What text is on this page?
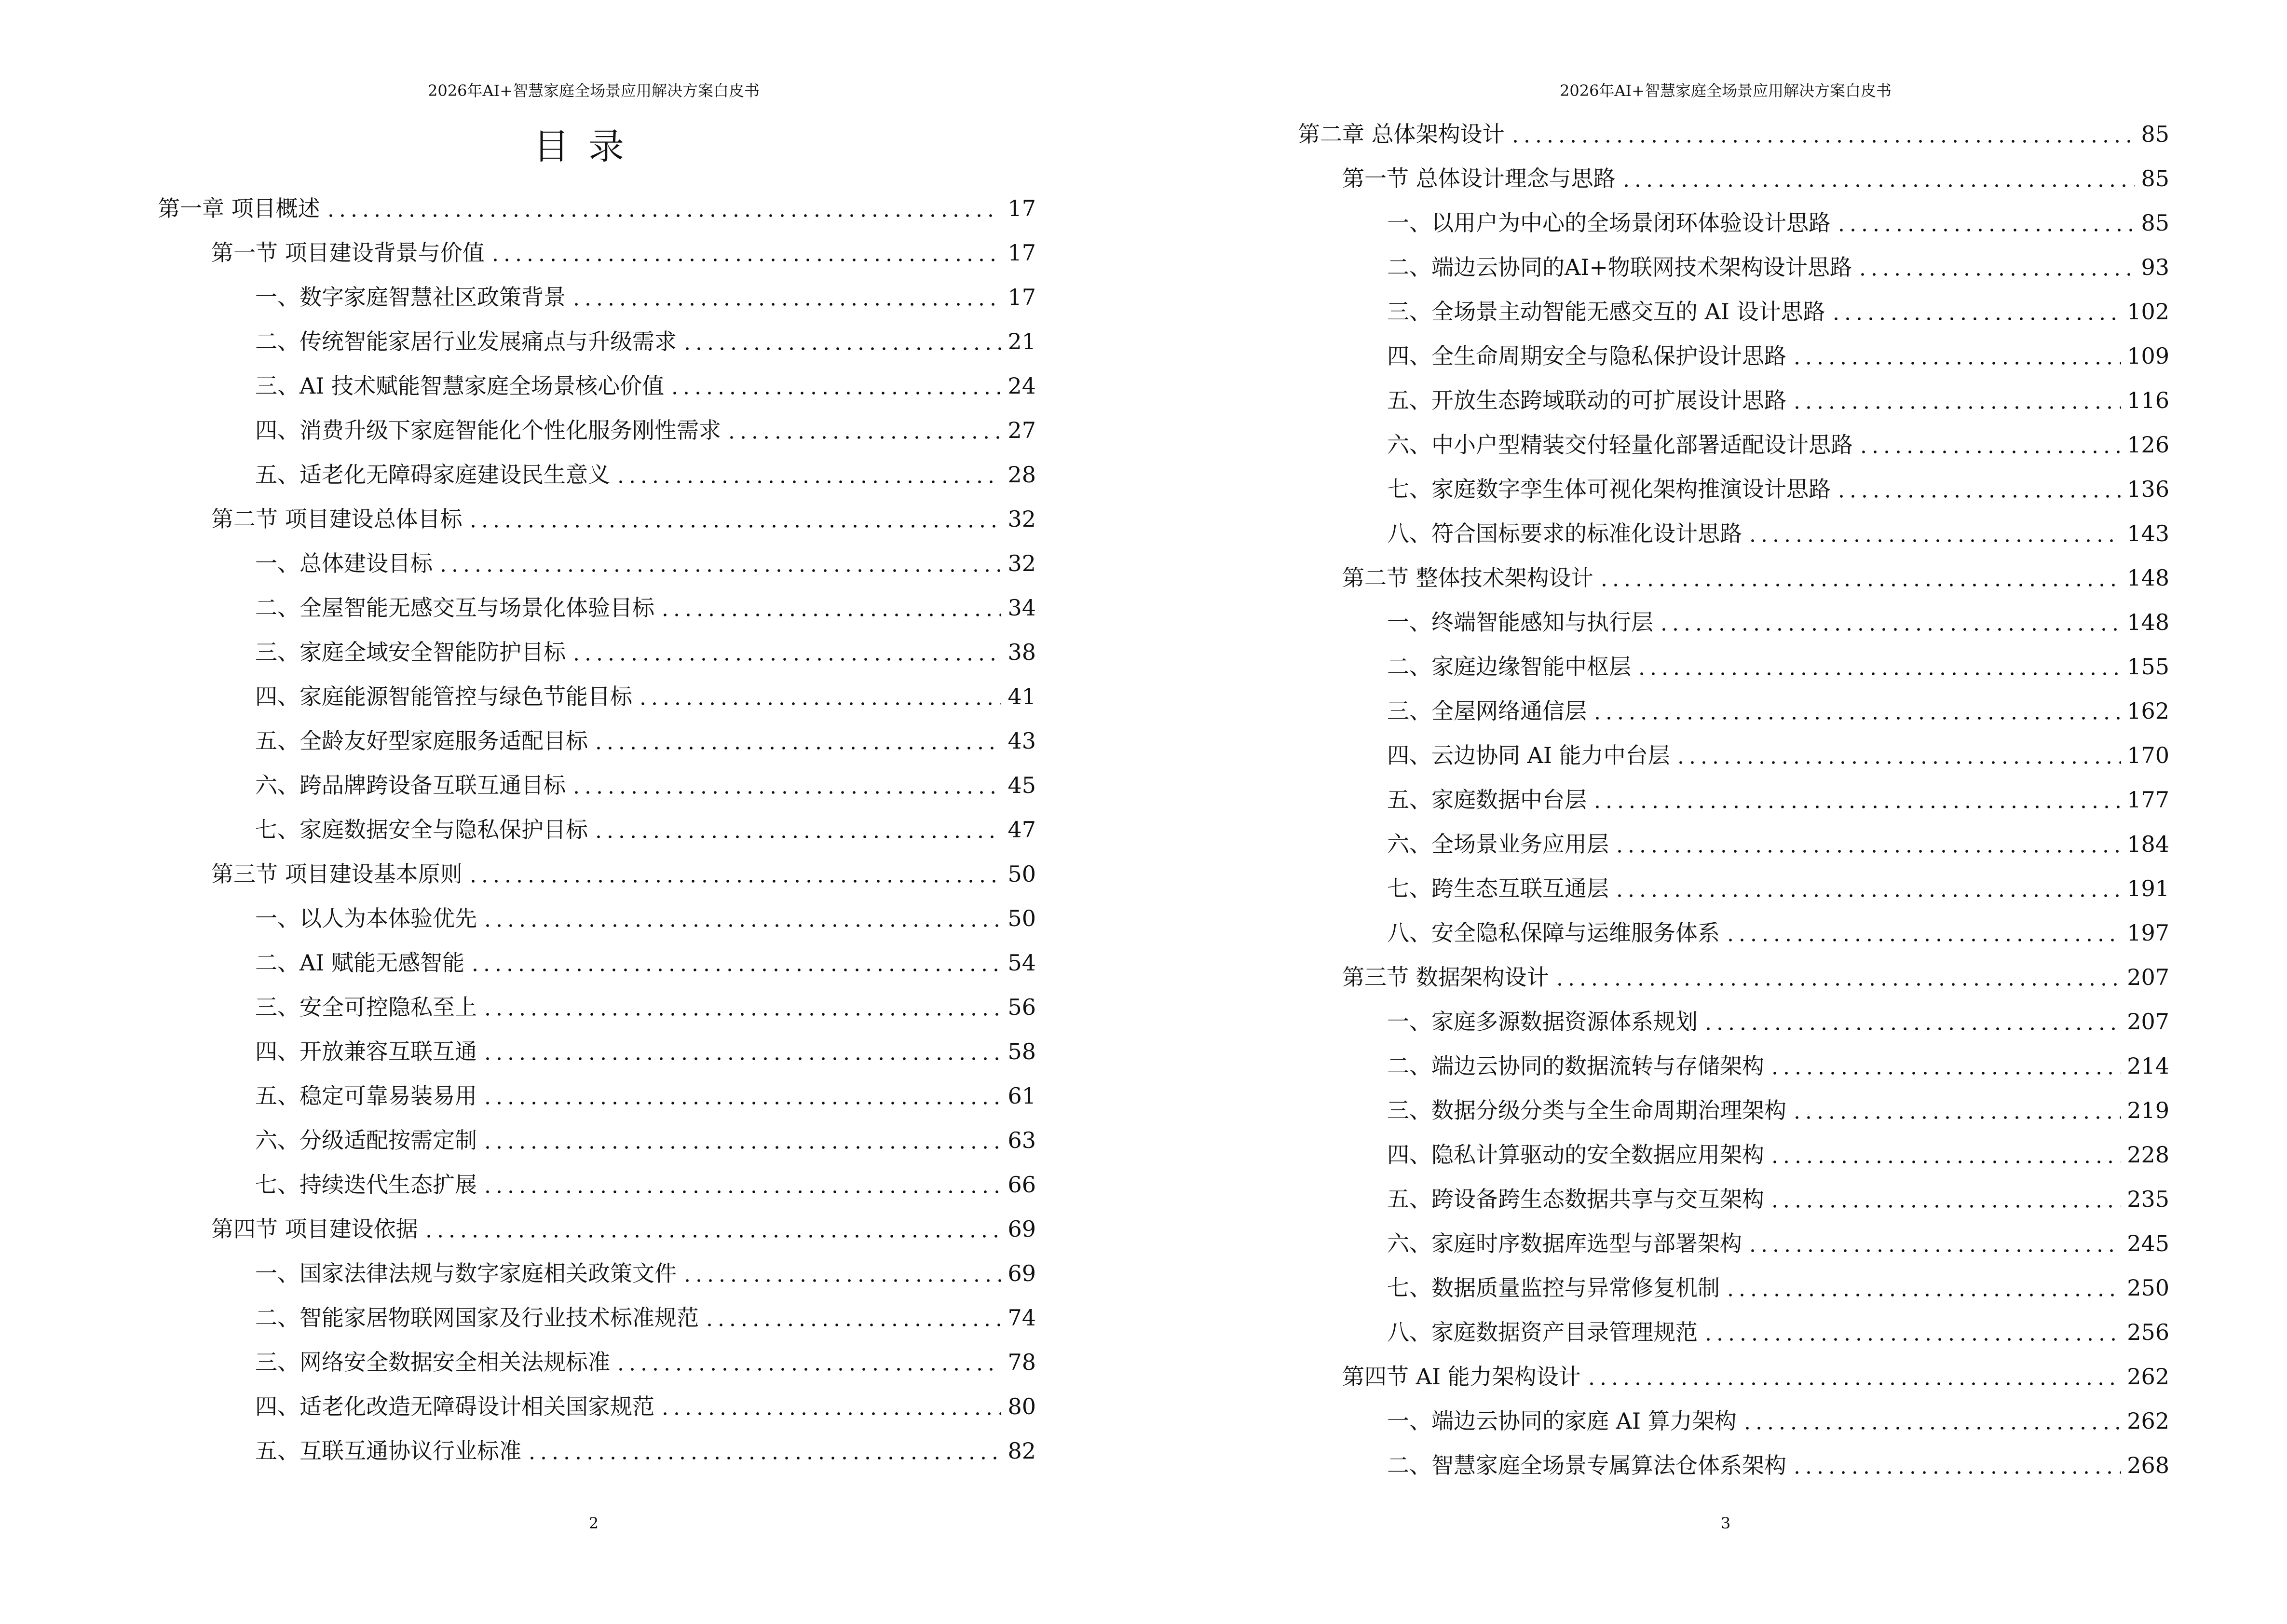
2026年AI+智慧家庭全场景应用解决方案白皮书
目录
第一章 项目概述	17
第一节 项目建设背景与价值	17
一、数字家庭智慧社区政策背景	17
二、传统智能家居行业发展痛点与升级需求	21
三、AI 技术赋能智慧家庭全场景核心价值	24
四、消费升级下家庭智能化个性化服务刚性需求	27
五、适老化无障碍家庭建设民生意义	28
第二节 项目建设总体目标	32
一、总体建设目标	32
二、全屋智能无感交互与场景化体验目标	34
三、家庭全域安全智能防护目标	38
四、家庭能源智能管控与绿色节能目标	41
五、全龄友好型家庭服务适配目标	43
六、跨品牌跨设备互联互通目标	45
七、家庭数据安全与隐私保护目标	47
第三节 项目建设基本原则	50
一、以人为本体验优先	50
二、AI 赋能无感智能	54
三、安全可控隐私至上	56
四、开放兼容互联互通	58
五、稳定可靠易装易用	61
六、分级适配按需定制	63
七、持续迭代生态扩展	66
第四节 项目建设依据	69
一、国家法律法规与数字家庭相关政策文件	69
二、智能家居物联网国家及行业技术标准规范	74
三、网络安全数据安全相关法规标准	78
四、适老化改造无障碍设计相关国家规范	80
五、互联互通协议行业标准	82
2
2026年AI+智慧家庭全场景应用解决方案白皮书
第二章 总体架构设计	85
第一节 总体设计理念与思路	85
一、以用户为中心的全场景闭环体验设计思路	85
二、端边云协同的AI+物联网技术架构设计思路	93
三、全场景主动智能无感交互的 AI 设计思路	102
四、全生命周期安全与隐私保护设计思路	109
五、开放生态跨域联动的可扩展设计思路	116
六、中小户型精装交付轻量化部署适配设计思路	126
七、家庭数字孪生体可视化架构推演设计思路	136
八、符合国标要求的标准化设计思路	143
第二节 整体技术架构设计	148
一、终端智能感知与执行层	148
二、家庭边缘智能中枢层	155
三、全屋网络通信层	162
四、云边协同 AI 能力中台层	170
五、家庭数据中台层	177
六、全场景业务应用层	184
七、跨生态互联互通层	191
八、安全隐私保障与运维服务体系	197
第三节 数据架构设计	207
一、家庭多源数据资源体系规划	207
二、端边云协同的数据流转与存储架构	214
三、数据分级分类与全生命周期治理架构	219
四、隐私计算驱动的安全数据应用架构	228
五、跨设备跨生态数据共享与交互架构	235
六、家庭时序数据库选型与部署架构	245
七、数据质量监控与异常修复机制	250
八、家庭数据资产目录管理规范	256
第四节 AI 能力架构设计	262
一、端边云协同的家庭 AI 算力架构	262
二、智慧家庭全场景专属算法仓体系架构	268
3
